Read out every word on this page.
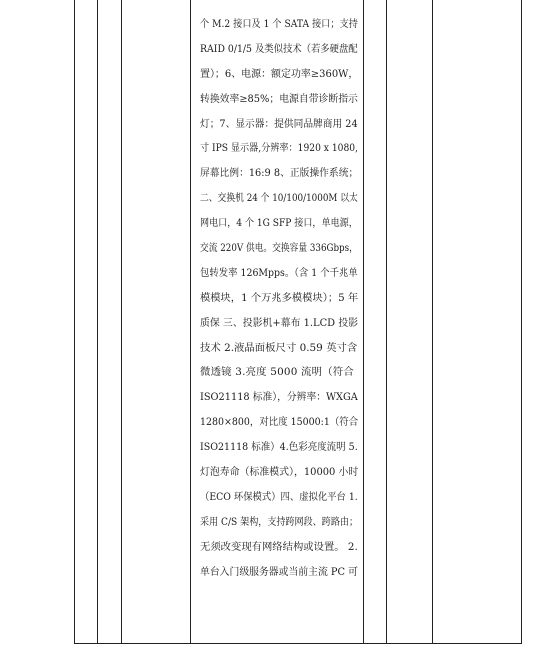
个 M.2 接口及 1 个 SATA 接口；支持
RAID 0/1/5 及类似技术（若多硬盘配
置）；6、电源：额定功率≥360W，
转换效率≥85%；电源自带诊断指示
灯；7、显示器：提供同品牌商用 24
寸 IPS 显示器,分辨率：1920 x 1080,
屏幕比例：16:9 8、正版操作系统；
二、交换机 24 个 10/100/1000M 以太
网电口，4 个 1G SFP 接口，单电源，
交流 220V 供电。交换容量 336Gbps，
包转发率 126Mpps。（含 1 个千兆单
模模块，1 个万兆多模模块）；5 年
质保 三、投影机+幕布 1.LCD 投影
技术 2.液晶面板尺寸 0.59 英寸含
微透镜 3.亮度 5000 流明（符合
ISO21118 标准），分辨率：WXGA
1280×800，对比度 15000:1（符合
ISO21118 标准）4.色彩亮度流明 5.
灯泡寿命（标准模式），10000 小时
（ECO 环保模式）四、虚拟化平台 1.
采用 C/S 架构，支持跨网段、跨路由；
无须改变现有网络结构或设置。 2.
单台入门级服务器或当前主流 PC 可
